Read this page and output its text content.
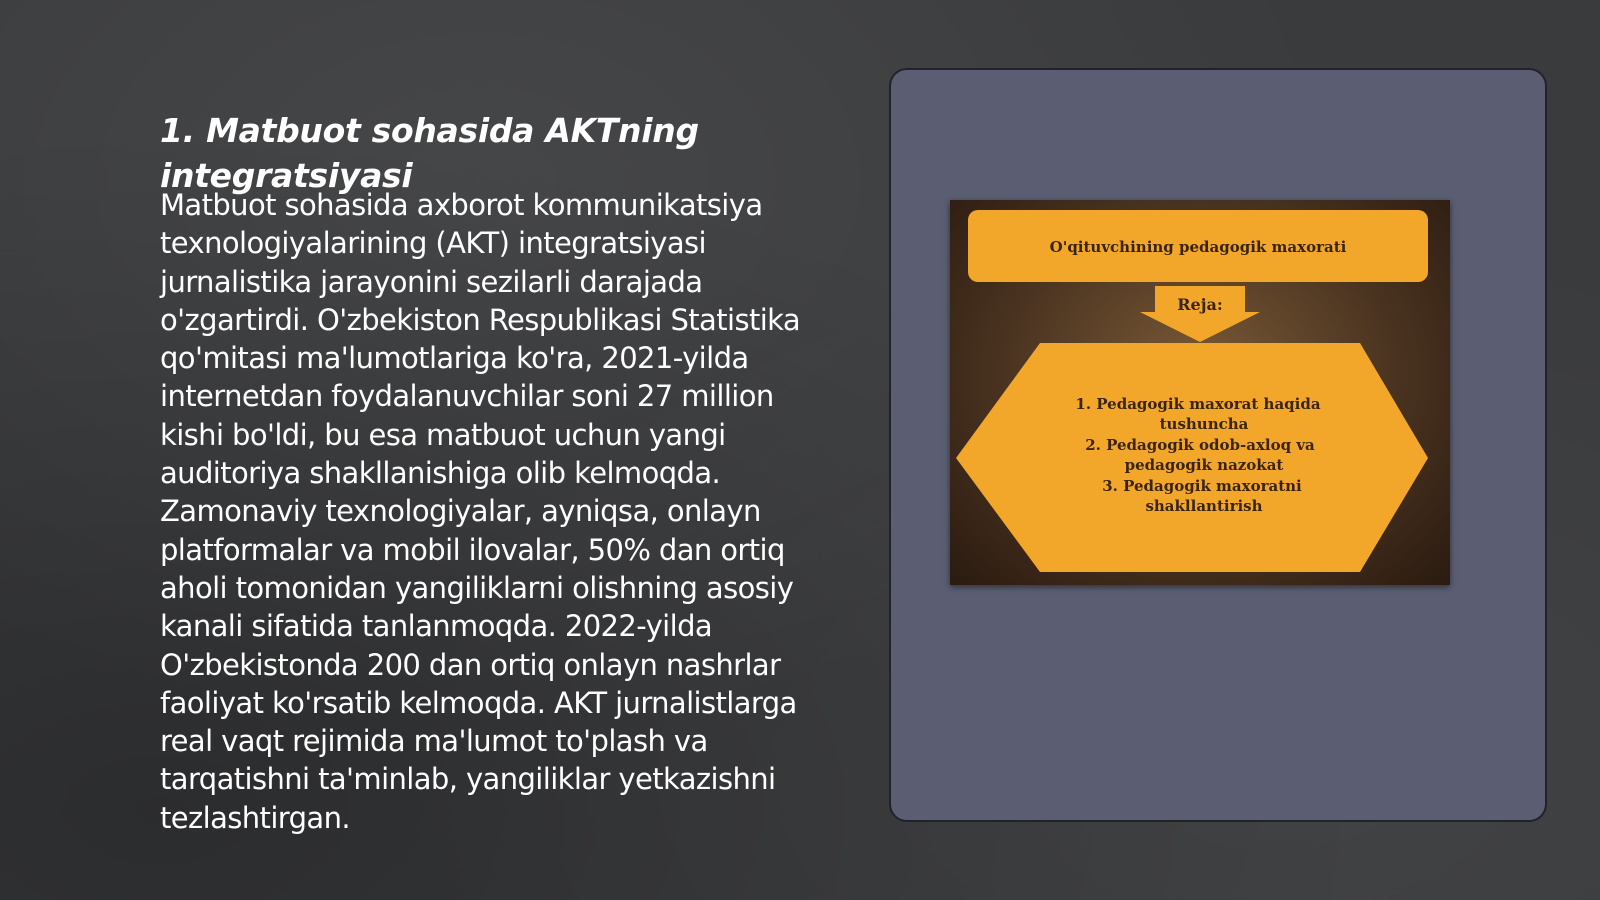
1. Matbuot sohasida AKTning integratsiyasi

Matbuot sohasida axborot kommunikatsiya texnologiyalarining (AKT) integratsiyasi jurnalistika jarayonini sezilarli darajada o'zgartirdi. O'zbekiston Respublikasi Statistika qo'mitasi ma'lumotlariga ko'ra, 2021-yilda internetdan foydalanuvchilar soni 27 million kishi bo'ldi, bu esa matbuot uchun yangi auditoriya shakllanishiga olib kelmoqda. Zamonaviy texnologiyalar, ayniqsa, onlayn platformalar va mobil ilovalar, 50% dan ortiq aholi tomonidan yangiliklarni olishning asosiy kanali sifatida tanlanmoqda. 2022-yilda O'zbekistonda 200 dan ortiq onlayn nashrlar faoliyat ko'rsatib kelmoqda. AKT jurnalistlarga real vaqt rejimida ma'lumot to'plash va tarqatishni ta'minlab, yangiliklar yetkazishni tezlashtirgan.

O'qituvchining pedagogik maxorati
Reja:
1. Pedagogik maxorat haqida
tushuncha
2. Pedagogik odob-axloq va
pedagogik nazokat
3. Pedagogik maxoratni
shakllantirish
